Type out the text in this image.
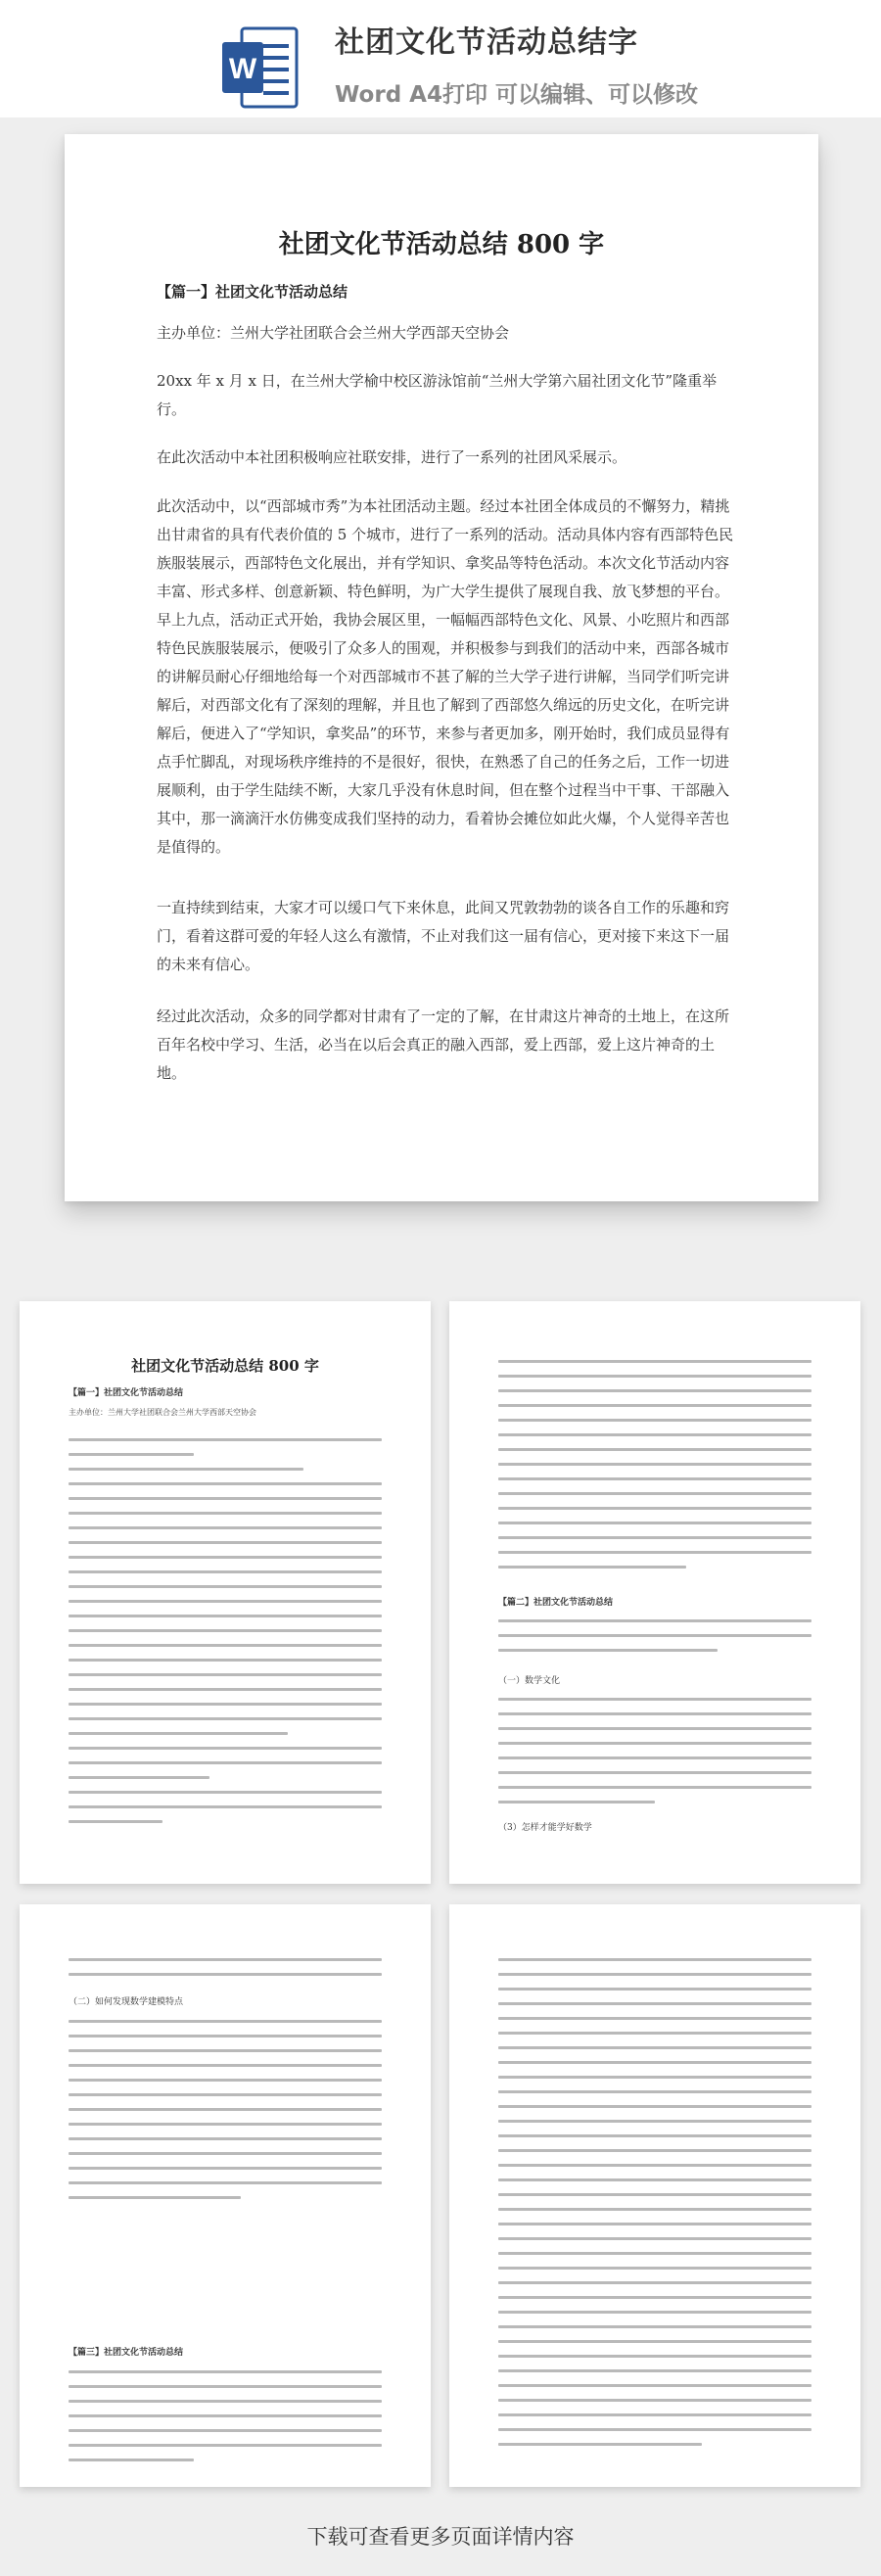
W
社团文化节活动总结字
Word A4打印 可以编辑、可以修改
社团文化节活动总结 800 字
【篇一】社团文化节活动总结

主办单位：兰州大学社团联合会兰州大学西部天空协会

20xx 年 x 月 x 日，在兰州大学榆中校区游泳馆前“兰州大学第六届社团文化节”隆重举行。

在此次活动中本社团积极响应社联安排，进行了一系列的社团风采展示。

此次活动中，以“西部城市秀”为本社团活动主题。经过本社团全体成员的不懈努力，精挑出甘肃省的具有代表价值的 5 个城市，进行了一系列的活动。活动具体内容有西部特色民族服装展示，西部特色文化展出，并有学知识、拿奖品等特色活动。本次文化节活动内容丰富、形式多样、创意新颖、特色鲜明，为广大学生提供了展现自我、放飞梦想的平台。早上九点，活动正式开始，我协会展区里，一幅幅西部特色文化、风景、小吃照片和西部特色民族服装展示，便吸引了众多人的围观，并积极参与到我们的活动中来，西部各城市的讲解员耐心仔细地给每一个对西部城市不甚了解的兰大学子进行讲解，当同学们听完讲解后，对西部文化有了深刻的理解，并且也了解到了西部悠久绵远的历史文化，在听完讲解后，便进入了“学知识，拿奖品”的环节，来参与者更加多，刚开始时，我们成员显得有点手忙脚乱，对现场秩序维持的不是很好，很快，在熟悉了自己的任务之后，工作一切进展顺利，由于学生陆续不断，大家几乎没有休息时间，但在整个过程当中干事、干部融入其中，那一滴滴汗水仿佛变成我们坚持的动力，看着协会摊位如此火爆，个人觉得辛苦也是值得的。

一直持续到结束，大家才可以缓口气下来休息，此间又咒敦勃勃的谈各自工作的乐趣和窍门，看着这群可爱的年轻人这么有激情，不止对我们这一届有信心，更对接下来这下一届的未来有信心。

经过此次活动，众多的同学都对甘肃有了一定的了解，在甘肃这片神奇的土地上，在这所百年名校中学习、生活，必当在以后会真正的融入西部，爱上西部，爱上这片神奇的土地。

社团文化节活动总结 800 字
【篇一】社团文化节活动总结
主办单位：兰州大学社团联合会兰州大学西部天空协会
【篇二】社团文化节活动总结
（一）数学文化
（3）怎样才能学好数学
（二）如何发现数学建模特点
【篇三】社团文化节活动总结
下载可查看更多页面详情内容
